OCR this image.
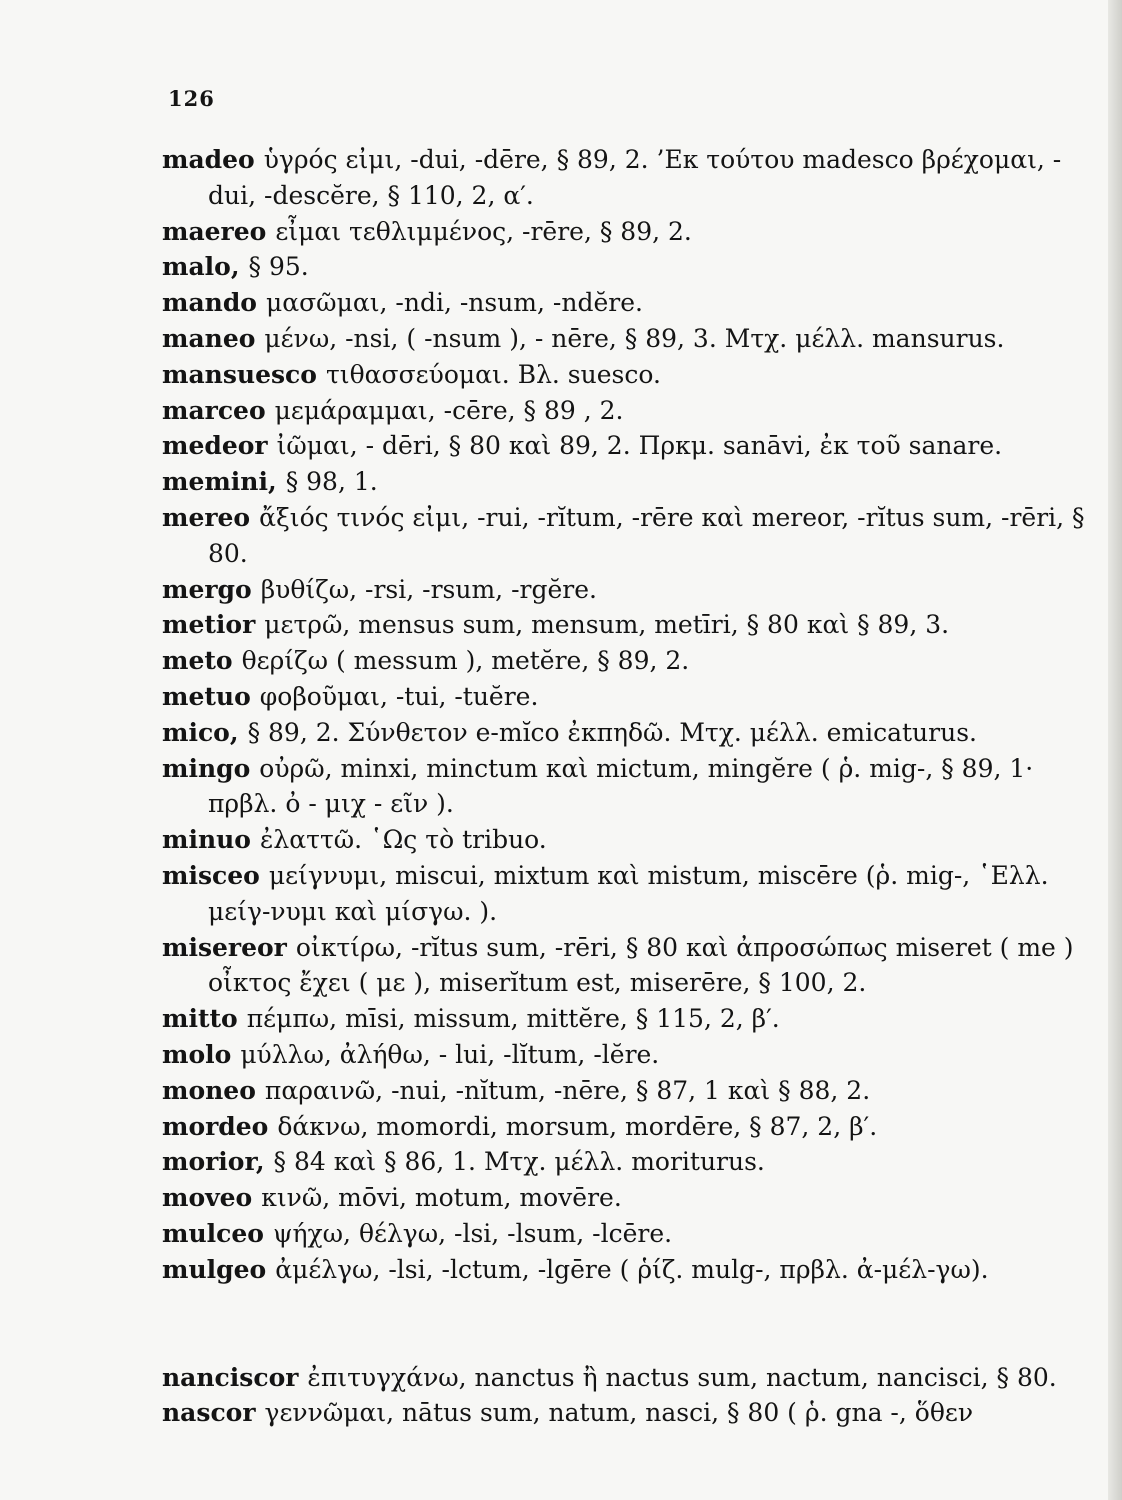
126

madeo ὑγρός εἰμι, -dui, -dēre, § 89, 2. ’Εκ τούτου madesco βρέχομαι, -dui, -descĕre, § 110, 2, α′.

maereo εἶμαι τεθλιμμένος, -rēre, § 89, 2.

malo, § 95.

mando μασῶμαι, -ndi, -nsum, -ndĕre.

maneo μένω, -nsi, ( -nsum ), - nēre, § 89, 3. Μτχ. μέλλ. mansurus.

mansuesco τιθασσεύομαι. Βλ. suesco.

marceo μεμάραμμαι, -cēre, § 89 , 2.

medeor ἰῶμαι, - dēri, § 80 καὶ 89, 2. Πρκμ. sanāvi, ἐκ τοῦ sanare.

memini, § 98, 1.

mereo ἄξιός τινός εἰμι, -rui, -rĭtum, -rēre καὶ mereor, -rĭtus sum, -rēri, § 80.

mergo βυθίζω, -rsi, -rsum, -rgĕre.

metior μετρῶ, mensus sum, mensum, metīri, § 80 καὶ § 89, 3.

meto θερίζω ( messum ), metĕre, § 89, 2.

metuo φοβοῦμαι, -tui, -tuĕre.

mico, § 89, 2. Σύνθετον e-mĭco ἐκπηδῶ. Μτχ. μέλλ. emicaturus.

mingo οὐρῶ, minxi, minctum καὶ mictum, mingĕre ( ῥ. mig-, § 89, 1· πρβλ. ὀ - μιχ - εῖν ).

minuo ἐλαττῶ. ῾Ως τὸ tribuo.

misceo μείγνυμι, miscui, mixtum καὶ mistum, miscēre (ῥ. mig-, ῾Ελλ. μείγ-νυμι καὶ μίσγω. ).

misereor οἰκτίρω, -rĭtus sum, -rēri, § 80 καὶ ἀπροσώπως miseret ( me ) οἶκτος ἔχει ( με ), miserĭtum est, miserēre, § 100, 2.

mitto πέμπω, mīsi, missum, mittĕre, § 115, 2, β′.

molo μύλλω, ἀλήθω, - lui, -lĭtum, -lĕre.

moneo παραινῶ, -nui, -nĭtum, -nēre, § 87, 1 καὶ § 88, 2.

mordeo δάκνω, momordi, morsum, mordēre, § 87, 2, β′.

morior, § 84 καὶ § 86, 1. Μτχ. μέλλ. moriturus.

moveo κινῶ, mōvi, motum, movēre.

mulceo ψήχω, θέλγω, -lsi, -lsum, -lcēre.

mulgeo ἀμέλγω, -lsi, -lctum, -lgēre ( ῥίζ. mulg-, πρβλ. ἀ-μέλ-γω).

nanciscor ἐπιτυγχάνω, nanctus ἢ nactus sum, nactum, nancisci, § 80.

nascor γεννῶμαι, nātus sum, natum, nasci, § 80 ( ῥ. gna -, ὅθεν
